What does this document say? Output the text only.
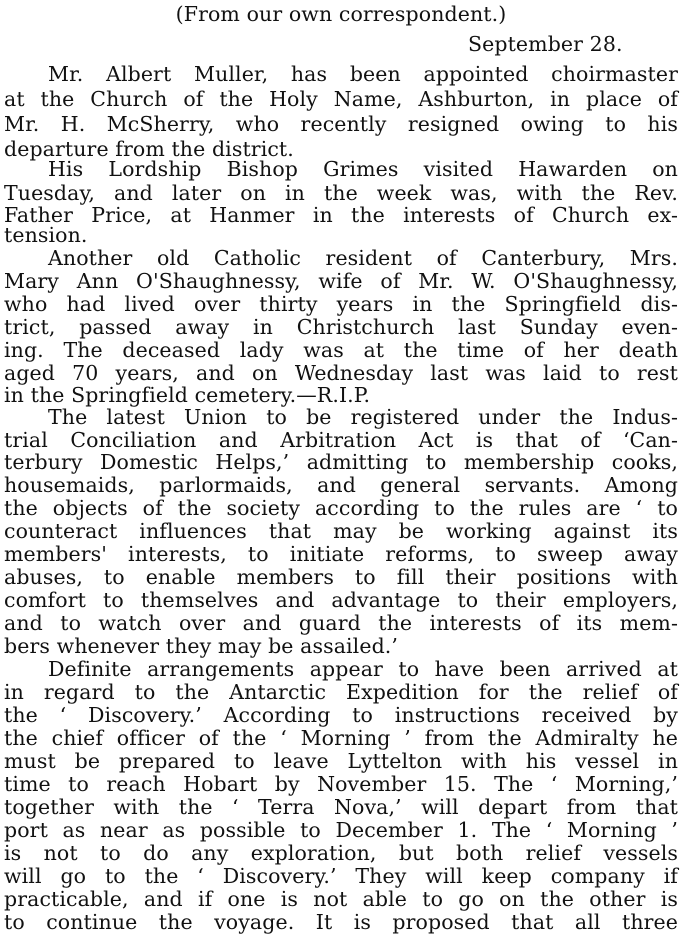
(From our own correspondent.)
September 28.
Mr. Albert Muller, has been appointed choirmaster
at the Church of the Holy Name, Ashburton, in place of
Mr. H. McSherry, who recently resigned owing to his
departure from the district.
His Lordship Bishop Grimes visited Hawarden on
Tuesday, and later on in the week was, with the Rev.
Father Price, at Hanmer in the interests of Church ex-
tension.
Another old Catholic resident of Canterbury, Mrs.
Mary Ann O'Shaughnessy, wife of Mr. W. O'Shaughnessy,
who had lived over thirty years in the Springfield dis-
trict, passed away in Christchurch last Sunday even-
ing. The deceased lady was at the time of her death
aged 70 years, and on Wednesday last was laid to rest
in the Springfield cemetery.—R.I.P.
The latest Union to be registered under the Indus-
trial Conciliation and Arbitration Act is that of ‘Can-
terbury Domestic Helps,’ admitting to membership cooks,
housemaids, parlormaids, and general servants. Among
the objects of the society according to the rules are ‘ to
counteract influences that may be working against its
members' interests, to initiate reforms, to sweep away
abuses, to enable members to fill their positions with
comfort to themselves and advantage to their employers,
and to watch over and guard the interests of its mem-
bers whenever they may be assailed.’
Definite arrangements appear to have been arrived at
in regard to the Antarctic Expedition for the relief of
the ‘ Discovery.’ According to instructions received by
the chief officer of the ‘ Morning ’ from the Admiralty he
must be prepared to leave Lyttelton with his vessel in
time to reach Hobart by November 15. The ‘ Morning,’
together with the ‘ Terra Nova,’ will depart from that
port as near as possible to December 1. The ‘ Morning ’
is not to do any exploration, but both relief vessels
will go to the ‘ Discovery.’ They will keep company if
practicable, and if one is not able to go on the other is
to continue the voyage. It is proposed that all three
